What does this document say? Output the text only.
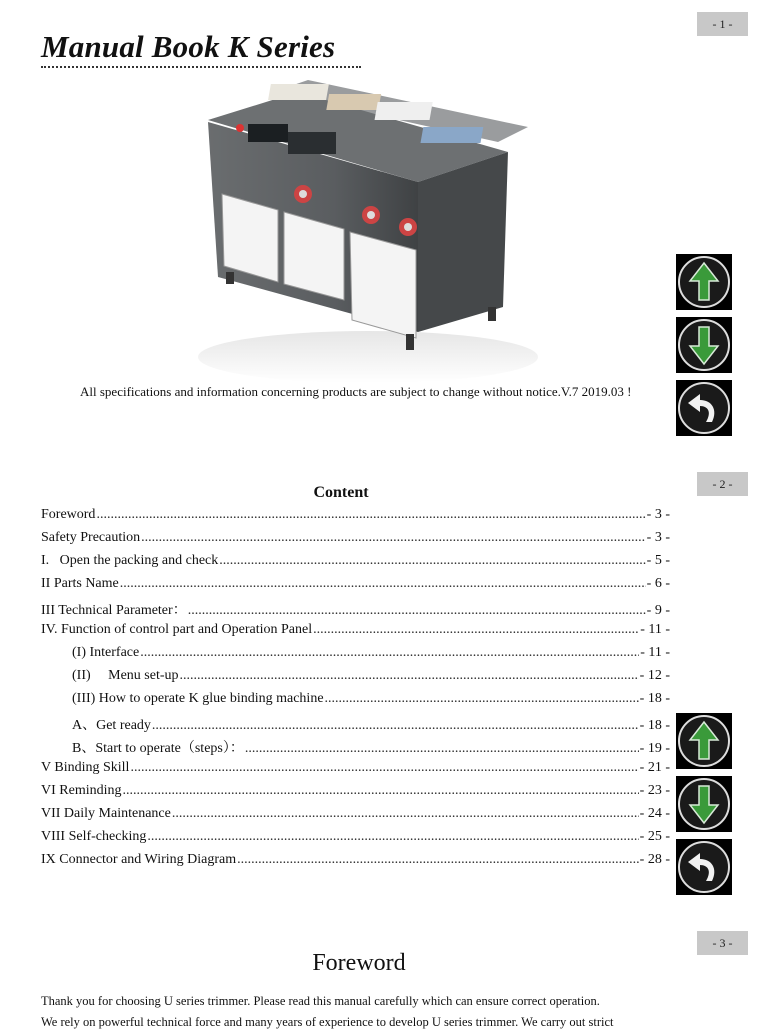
- 1 -
Manual Book K Series
All specifications and information concerning products are subject to change without notice.V.7 2019.03 !
- 2 -
Content
Foreword .....	- 3 -
Safety Precaution .....	- 3 -
I.   Open the packing and check .....	- 5 -
II Parts Name .....	- 6 -
III Technical Parameter： .....	- 9 -
IV. Function of control part and Operation Panel .....	- 11 -
(I) Interface .....	- 11 -
(II)     Menu set-up .....	- 12 -
(III) How to operate K glue binding machine .....	- 18 -
A、Get ready .....	- 18 -
B、Start to operate（steps）： .....	- 19 -
V Binding Skill .....	- 21 -
VI Reminding .....	- 23 -
VII Daily Maintenance .....	- 24 -
VIII Self-checking .....	- 25 -
IX Connector and Wiring Diagram .....	- 28 -
- 3 -
Foreword

Thank you for choosing U series trimmer. Please read this manual carefully which can ensure correct operation.

We rely on powerful technical force and many years of experience to develop U series trimmer. We carry out strict
